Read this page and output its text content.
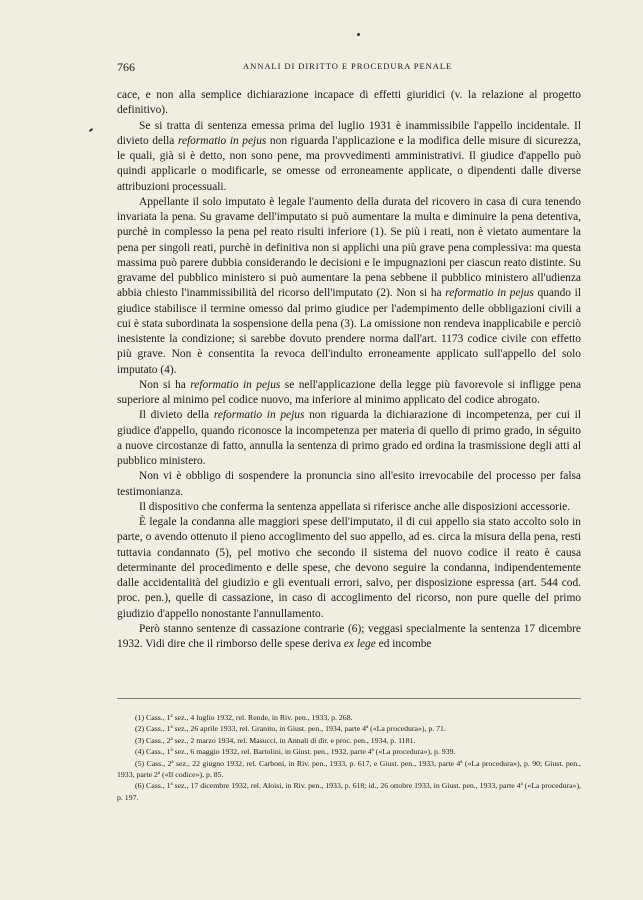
766	ANNALI DI DIRITTO E PROCEDURA PENALE

cace, e non alla semplice dichiarazione incapace di effetti giuridici (v. la relazione al progetto definitivo).

Se si tratta di sentenza emessa prima del luglio 1931 è inammissibile l'appello incidentale. Il divieto della reformatio in pejus non riguarda l'applicazione e la modifica delle misure di sicurezza, le quali, già si è detto, non sono pene, ma provvedimenti amministrativi. Il giudice d'appello può quindi applicarle o modificarle, se omesse od erroneamente applicate, o dipendenti dalle diverse attribuzioni processuali.

Appellante il solo imputato è legale l'aumento della durata del ricovero in casa di cura tenendo invariata la pena. Su gravame dell'imputato si può aumentare la multa e diminuire la pena detentiva, purchè in complesso la pena pel reato risulti inferiore (1). Se più i reati, non è vietato aumentare la pena per singoli reati, purchè in definitiva non si applichi una più grave pena complessiva: ma questa massima può parere dubbia considerando le decisioni e le impugnazioni per ciascun reato distinte. Su gravame del pubblico ministero si può aumentare la pena sebbene il pubblico ministero all'udienza abbia chiesto l'inammissibilità del ricorso dell'imputato (2). Non si ha reformatio in pejus quando il giudice stabilisce il termine omesso dal primo giudice per l'adempimento delle obbligazioni civili a cui è stata subordinata la sospensione della pena (3). La omissione non rendeva inapplicabile e perciò inesistente la condizione; si sarebbe dovuto prendere norma dall'art. 1173 codice civile con effetto più grave. Non è consentita la revoca dell'indulto erroneamente applicato sull'appello del solo imputato (4).

Non si ha reformatio in pejus se nell'applicazione della legge più favorevole si infligge pena superiore al minimo pel codice nuovo, ma inferiore al minimo applicato del codice abrogato.

Il divieto della reformatio in pejus non riguarda la dichiarazione di incompetenza, per cui il giudice d'appello, quando riconosce la incompetenza per materia di quello di primo grado, in séguito a nuove circostanze di fatto, annulla la sentenza di primo grado ed ordina la trasmissione degli atti al pubblico ministero.

Non vi è obbligo di sospendere la pronuncia sino all'esito irrevocabile del processo per falsa testimonianza.

Il dispositivo che conferma la sentenza appellata si riferisce anche alle disposizioni accessorie.

È legale la condanna alle maggiori spese dell'imputato, il di cui appello sia stato accolto solo in parte, o avendo ottenuto il pieno accoglimento del suo appello, ad es. circa la misura della pena, resti tuttavia condannato (5), pel motivo che secondo il sistema del nuovo codice il reato è causa determinante del procedimento e delle spese, che devono seguire la condanna, indipendentemente dalle accidentalità del giudizio e gli eventuali errori, salvo, per disposizione espressa (art. 544 cod. proc. pen.), quelle di cassazione, in caso di accoglimento del ricorso, non pure quelle del primo giudizio d'appello nonostante l'annullamento.

Però stanno sentenze di cassazione contrarie (6); veggasi specialmente la sentenza 17 dicembre 1932. Vidi dire che il rimborso delle spese deriva ex lege ed incombe

(1) Cass., 1ª sez., 4 luglio 1932, rel. Rende, in Riv. pen., 1933, p. 268.

(2) Cass., 1ª sez., 26 aprile 1933, rel. Granito, in Giust. pen., 1934, parte 4ª («La procedura»), p. 71.

(3) Cass., 2ª sez., 2 marzo 1934, rel. Masucci, in Annali di dir. e proc. pen., 1934, p. 1181.

(4) Cass., 1ª sez., 6 maggio 1932, rel. Bartolini, in Giust. pen., 1932, parte 4ª («La procedura»), p. 939.

(5) Cass., 2ª sez., 22 giugno 1932, rel. Carboni, in Riv. pen., 1933, p. 617, e Giust. pen., 1933, parte 4ª («La procedura»), p. 90; Giust. pen., 1933, parte 2ª («Il codice»), p. 85.

(6) Cass., 1ª sez., 17 dicembre 1932, rel. Aloisi, in Riv. pen., 1933, p. 618; id., 26 ottobre 1933, in Giust. pen., 1933, parte 4ª («La procedura»), p. 197.
